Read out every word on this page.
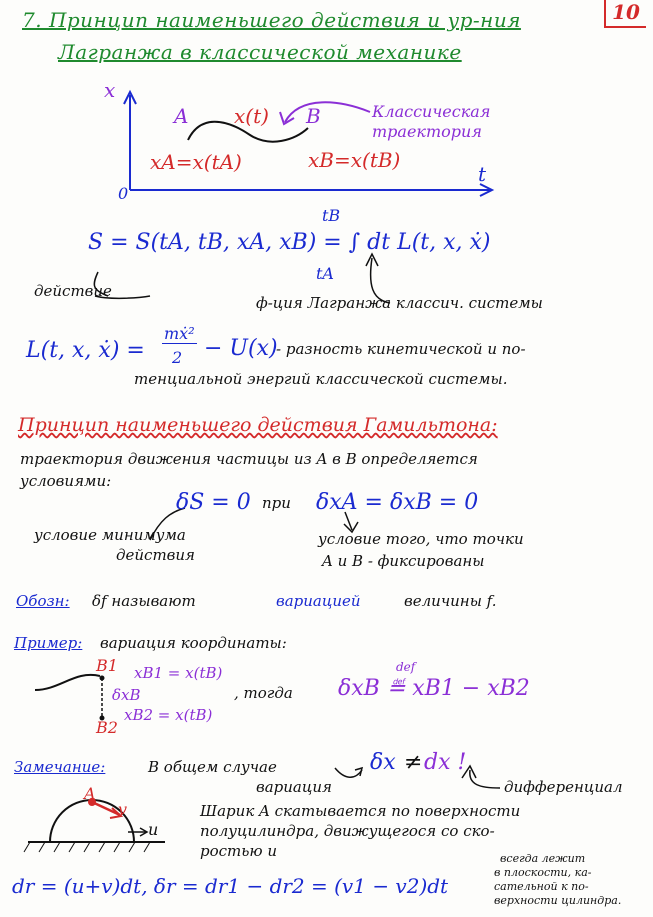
10
7. Принцип наименьшего действия и ур-ния
Лагранжа в классической механике
x
t
0
A	B
x(t)
xA=x(tA)	xB=x(tB)
Классическая траектория
tB
S = S(tA, tB, xA, xB) = ∫ dt L(t, x, ẋ)
tA
действие
ф-ция Лагранжа классич. системы
L(t, x, ẋ) =
mẋ²
2 − U(x)
- разность кинетической и по-
тенциальной энергий классической системы.
Принцип наименьшего действия Гамильтона:
траектория движения частицы из A в B определяется
условиями:
δS = 0 при δxA = δxB = 0
условие минимума
действия
условие того, что точки
A и B - фиксированы
Обозн: δf называют	вариацией	величины f.
Пример: вариация координаты:
B1
B2
xB1 = x(tB)
δxB
xB2 = x(tB)
, тогда
def
δxB ≝ xB1 − xB2
Замечание:	В общем случае	δx ≠ dx !
вариация	дифференциал
A
v
u
Шарик A скатывается по поверхности
полуцилиндра, движущегося со ско-
ростью u
dr = (u+v)dt, δr = dr1 − dr2 = (v1 − v2)dt
всегда лежит
в плоскости, ка-
сательной к по-
верхности цилиндра.
